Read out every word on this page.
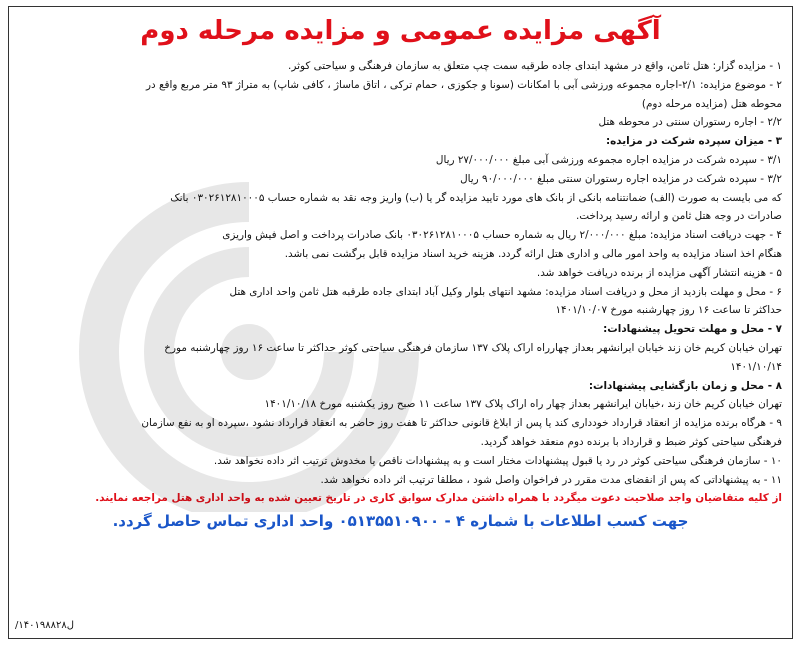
آگهی مزایده عمومی و مزایده مرحله دوم
۱ - مزایده گزار: هتل ثامن، واقع در مشهد ابتدای جاده طرقبه سمت چپ متعلق به سازمان فرهنگی و سیاحتی کوثر.
۲ - موضوع مزایده: ۲/۱-اجاره مجموعه ورزشی آبی با امکانات (سونا و جکوزی ، حمام ترکی ، اتاق ماساژ ، کافی شاپ) به متراژ ۹۳ متر مربع واقع در
محوطه هتل (مزایده مرحله دوم)
۲/۲ - اجاره رستوران سنتی در محوطه هتل
۳ - میزان سپرده شرکت در مزایده:
۳/۱ - سپرده شرکت در مزایده اجاره مجموعه ورزشی آبی مبلغ ۲۷/۰۰۰/۰۰۰ ریال
۳/۲ - سپرده شرکت در مزایده اجاره رستوران سنتی مبلغ ۹۰/۰۰۰/۰۰۰ ریال
که می بایست به صورت (الف) ضمانتنامه بانکی از بانک های مورد تایید مزایده گر یا (ب) واریز وجه نقد به شماره حساب ۰۳۰۲۶۱۲۸۱۰۰۰۵ بانک
صادرات در وجه هتل ثامن و ارائه رسید پرداخت.
۴ - جهت دریافت اسناد مزایده: مبلغ ۲/۰۰۰/۰۰۰ ریال به شماره حساب ۰۳۰۲۶۱۲۸۱۰۰۰۵ بانک صادرات پرداخت و اصل فیش واریزی
هنگام اخذ اسناد مزایده به واحد امور مالی و اداری هتل ارائه گردد. هزینه خرید اسناد مزایده قابل برگشت نمی باشد.
۵ - هزینه انتشار آگهی مزایده از برنده دریافت خواهد شد.
۶ - محل و مهلت بازدید از محل و دریافت اسناد مزایده: مشهد انتهای بلوار وکیل آباد ابتدای جاده طرقبه هتل ثامن واحد اداری هتل
حداکثر تا ساعت ۱۶ روز چهارشنبه مورخ ۱۴۰۱/۱۰/۰۷
۷ - محل و مهلت تحویل پیشنهادات:
تهران خیابان کریم خان زند خیابان ایرانشهر بعداز چهارراه اراک پلاک ۱۳۷ سازمان فرهنگی سیاحتی کوثر حداکثر تا ساعت ۱۶ روز چهارشنبه مورخ
۱۴۰۱/۱۰/۱۴
۸ - محل و زمان بازگشایی پیشنهادات:
تهران خیابان کریم خان زند ،خیابان ایرانشهر بعداز چهار راه اراک پلاک ۱۳۷ ساعت ۱۱ صبح روز یکشنبه مورخ ۱۴۰۱/۱۰/۱۸
۹ - هرگاه برنده مزایده از انعقاد قرارداد خودداری کند یا پس از ابلاغ قانونی حداکثر تا هفت روز حاضر به انعقاد قرارداد نشود ،سپرده او به نفع سازمان
فرهنگی سیاحتی کوثر ضبط و قرارداد با برنده دوم منعقد خواهد گردید.
۱۰ - سازمان فرهنگی سیاحتی کوثر در رد یا قبول پیشنهادات مختار است و به پیشنهادات ناقص یا مخدوش ترتیب اثر داده نخواهد شد.
۱۱ - به پیشنهاداتی که پس از انقضای مدت مقرر در فراخوان واصل شود ، مطلقا ترتیب اثر داده نخواهد شد.
از کلیه متقاضیان واجد صلاحیت دعوت میگردد با همراه داشتن مدارک سوابق کاری در تاریخ تعیین شده به واحد اداری هتل مراجعه نمایند.
جهت کسب اطلاعات با شماره ۴ - ۰۵۱۳۵۵۱۰۹۰۰ واحد اداری تماس حاصل گردد.
/۱۴۰۱۹۸۸۲۸ل
